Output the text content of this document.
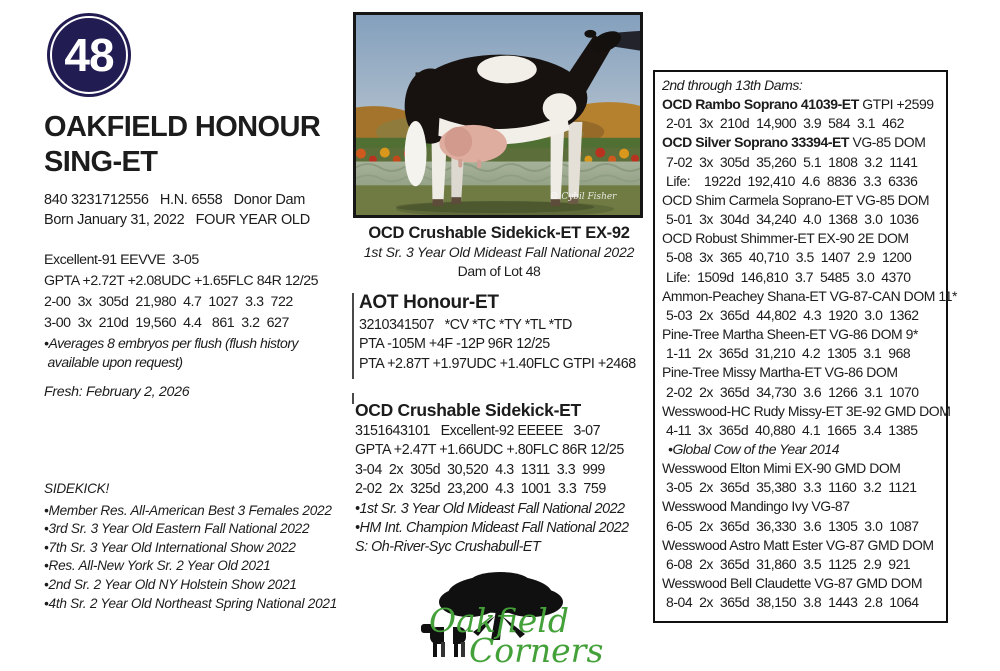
48
OAKFIELD HONOUR
SING-ET
840 3231712556   H.N. 6558   Donor Dam
Born January 31, 2022   FOUR YEAR OLD
Excellent-91 EEVVE  3-05
GPTA +2.72T +2.08UDC +1.65FLC 84R 12/25
2-00  3x  305d  21,980  4.7  1027  3.3  722
3-00  3x  210d  19,560  4.4   861  3.2  627
•Averages 8 embryos per flush (flush history
available upon request)
Fresh: February 2, 2026
SIDEKICK!
•Member Res. All-American Best 3 Females 2022
•3rd Sr. 3 Year Old Eastern Fall National 2022
•7th Sr. 3 Year Old International Show 2022
•Res. All-New York Sr. 2 Year Old 2021
•2nd Sr. 2 Year Old NY Holstein Show 2021
•4th Sr. 2 Year Old Northeast Spring National 2021
© Cybil Fisher
OCD Crushable Sidekick-ET EX-92
1st Sr. 3 Year Old Mideast Fall National 2022
Dam of Lot 48
AOT Honour-ET
3210341507   *CV *TC *TY *TL *TD
PTA -105M +4F -12P 96R 12/25
PTA +2.87T +1.97UDC +1.40FLC GTPI +2468
OCD Crushable Sidekick-ET
3151643101   Excellent-92 EEEEE   3-07
GPTA +2.47T +1.66UDC +.80FLC 86R 12/25
3-04  2x  305d  30,520  4.3  1311  3.3  999
2-02  2x  325d  23,200  4.3  1001  3.3  759
•1st Sr. 3 Year Old Mideast Fall National 2022
•HM Int. Champion Mideast Fall National 2022
S: Oh-River-Syc Crushabull-ET
2nd through 13th Dams:
OCD Rambo Soprano 41039-ET GTPI +2599
2-01  3x  210d  14,900  3.9  584  3.1  462
OCD Silver Soprano 33394-ET VG-85 DOM
7-02  3x  305d  35,260  5.1  1808  3.2  1141
Life:    1922d  192,410  4.6  8836  3.3  6336
OCD Shim Carmela Soprano-ET VG-85 DOM
5-01  3x  304d  34,240  4.0  1368  3.0  1036
OCD Robust Shimmer-ET EX-90 2E DOM
5-08  3x  365  40,710  3.5  1407  2.9  1200
Life:  1509d  146,810  3.7  5485  3.0  4370
Ammon-Peachey Shana-ET VG-87-CAN DOM 11*
5-03  2x  365d  44,802  4.3  1920  3.0  1362
Pine-Tree Martha Sheen-ET VG-86 DOM 9*
1-11  2x  365d  31,210  4.2  1305  3.1  968
Pine-Tree Missy Martha-ET VG-86 DOM
2-02  2x  365d  34,730  3.6  1266  3.1  1070
Wesswood-HC Rudy Missy-ET 3E-92 GMD DOM
4-11  3x  365d  40,880  4.1  1665  3.4  1385
•Global Cow of the Year 2014
Wesswood Elton Mimi EX-90 GMD DOM
3-05  2x  365d  35,380  3.3  1160  3.2  1121
Wesswood Mandingo Ivy VG-87
6-05  2x  365d  36,330  3.6  1305  3.0  1087
Wesswood Astro Matt Ester VG-87 GMD DOM
6-08  2x  365d  31,860  3.5  1125  2.9  921
Wesswood Bell Claudette VG-87 GMD DOM
8-04  2x  365d  38,150  3.8  1443  2.8  1064
Oakfield
Corners
